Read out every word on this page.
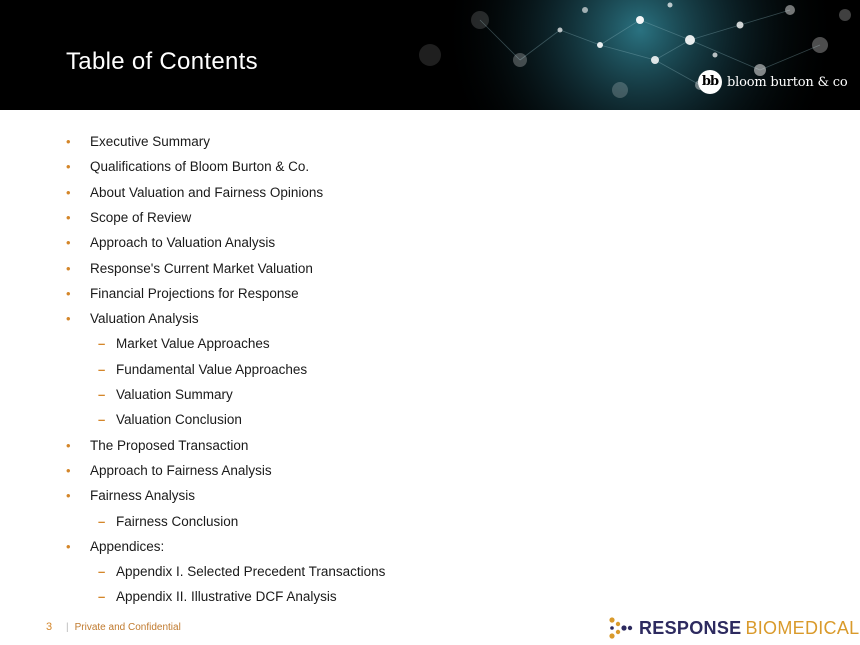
Table of Contents
bb bloom burton & co
• Executive Summary
• Qualifications of Bloom Burton & Co.
• About Valuation and Fairness Opinions
• Scope of Review
• Approach to Valuation Analysis
• Response's Current Market Valuation
• Financial Projections for Response
• Valuation Analysis
– Market Value Approaches
– Fundamental Value Approaches
– Valuation Summary
– Valuation Conclusion
• The Proposed Transaction
• Approach to Fairness Analysis
• Fairness Analysis
– Fairness Conclusion
• Appendices:
– Appendix I. Selected Precedent Transactions
– Appendix II. Illustrative DCF Analysis
3 | Private and Confidential	RESPONSE BIOMEDICAL
